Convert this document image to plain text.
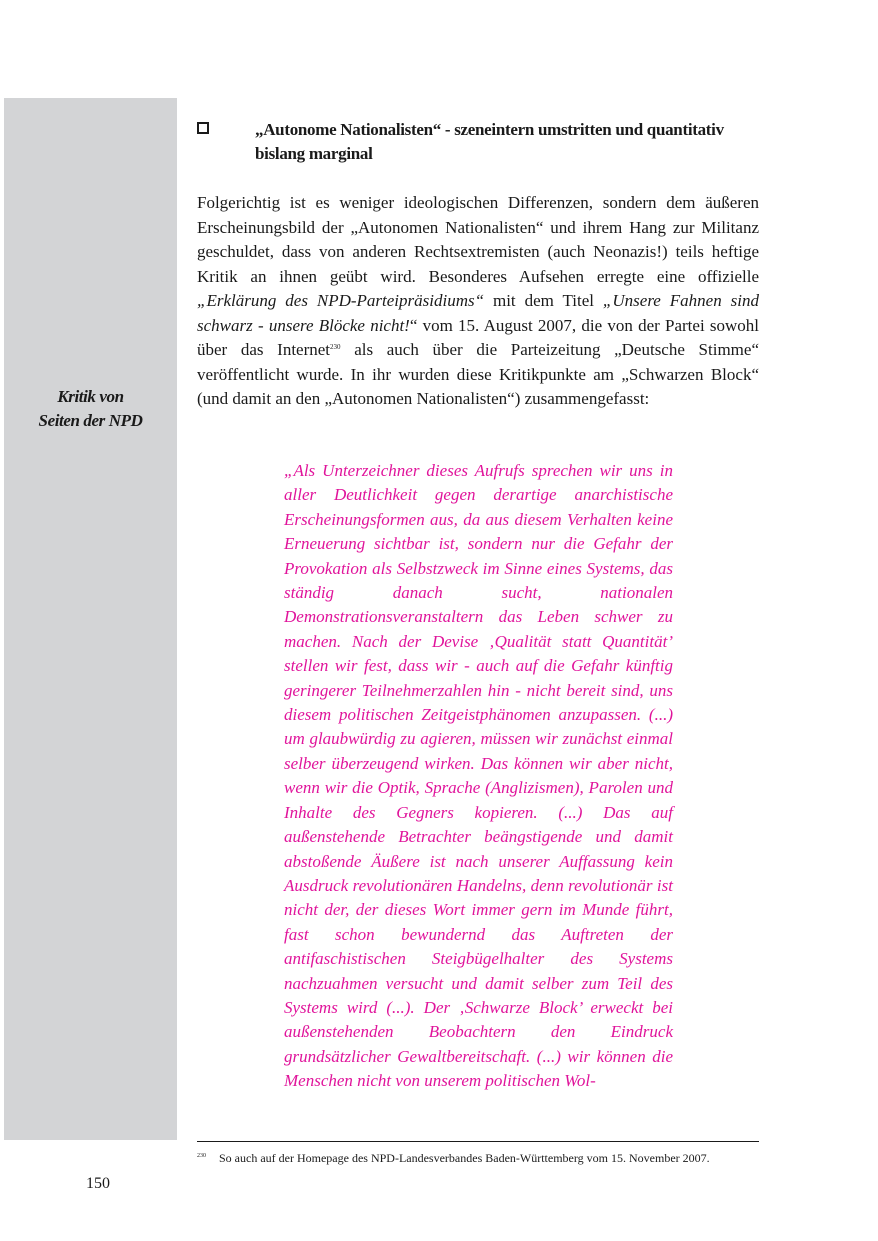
Kritik von
Seiten der NPD
„Autonome Nationalisten“ - szeneintern umstritten und quantitativ bislang marginal

Folgerichtig ist es weniger ideologischen Differenzen, sondern dem äußeren Erscheinungsbild der „Autonomen Nationalisten“ und ihrem Hang zur Militanz geschuldet, dass von anderen Rechtsextremisten (auch Neonazis!) teils heftige Kritik an ihnen geübt wird. Besonderes Aufsehen erregte eine offizielle „Erklärung des NPD-Parteipräsidiums“ mit dem Titel „Unsere Fahnen sind schwarz - unsere Blöcke nicht!“ vom 15. August 2007, die von der Partei sowohl über das Internet$^{230}$ als auch über die Parteizeitung „Deutsche Stimme“ veröffentlicht wurde. In ihr wurden diese Kritikpunkte am „Schwarzen Block“ (und damit an den „Autonomen Nationalisten“) zusammengefasst:

„Als Unterzeichner dieses Aufrufs sprechen wir uns in aller Deutlichkeit gegen derartige anarchistische Erscheinungsformen aus, da aus diesem Verhalten keine Erneuerung sichtbar ist, sondern nur die Gefahr der Provokation als Selbstzweck im Sinne eines Systems, das ständig danach sucht, nationalen Demonstrationsveranstaltern das Leben schwer zu machen. Nach der Devise ‚Qualität statt Quantität’ stellen wir fest, dass wir - auch auf die Gefahr künftig geringerer Teilnehmerzahlen hin - nicht bereit sind, uns diesem politischen Zeitgeistphänomen anzupassen. (...) um glaubwürdig zu agieren, müssen wir zunächst einmal selber überzeugend wirken. Das können wir aber nicht, wenn wir die Optik, Sprache (Anglizismen), Parolen und Inhalte des Gegners kopieren. (...) Das auf außenstehende Betrachter beängstigende und damit abstoßende Äußere ist nach unserer Auffassung kein Ausdruck revolutionären Handelns, denn revolutionär ist nicht der, der dieses Wort immer gern im Munde führt, fast schon bewundernd das Auftreten der antifaschistischen Steigbügelhalter des Systems nachzuahmen versucht und damit selber zum Teil des Systems wird (...). Der ‚Schwarze Block’ erweckt bei außenstehenden Beobachtern den Eindruck grundsätzlicher Gewaltbereitschaft. (...) wir können die Menschen nicht von unserem politischen Wol-

230 So auch auf der Homepage des NPD-Landesverbandes Baden-Württemberg vom 15. November 2007.
150
